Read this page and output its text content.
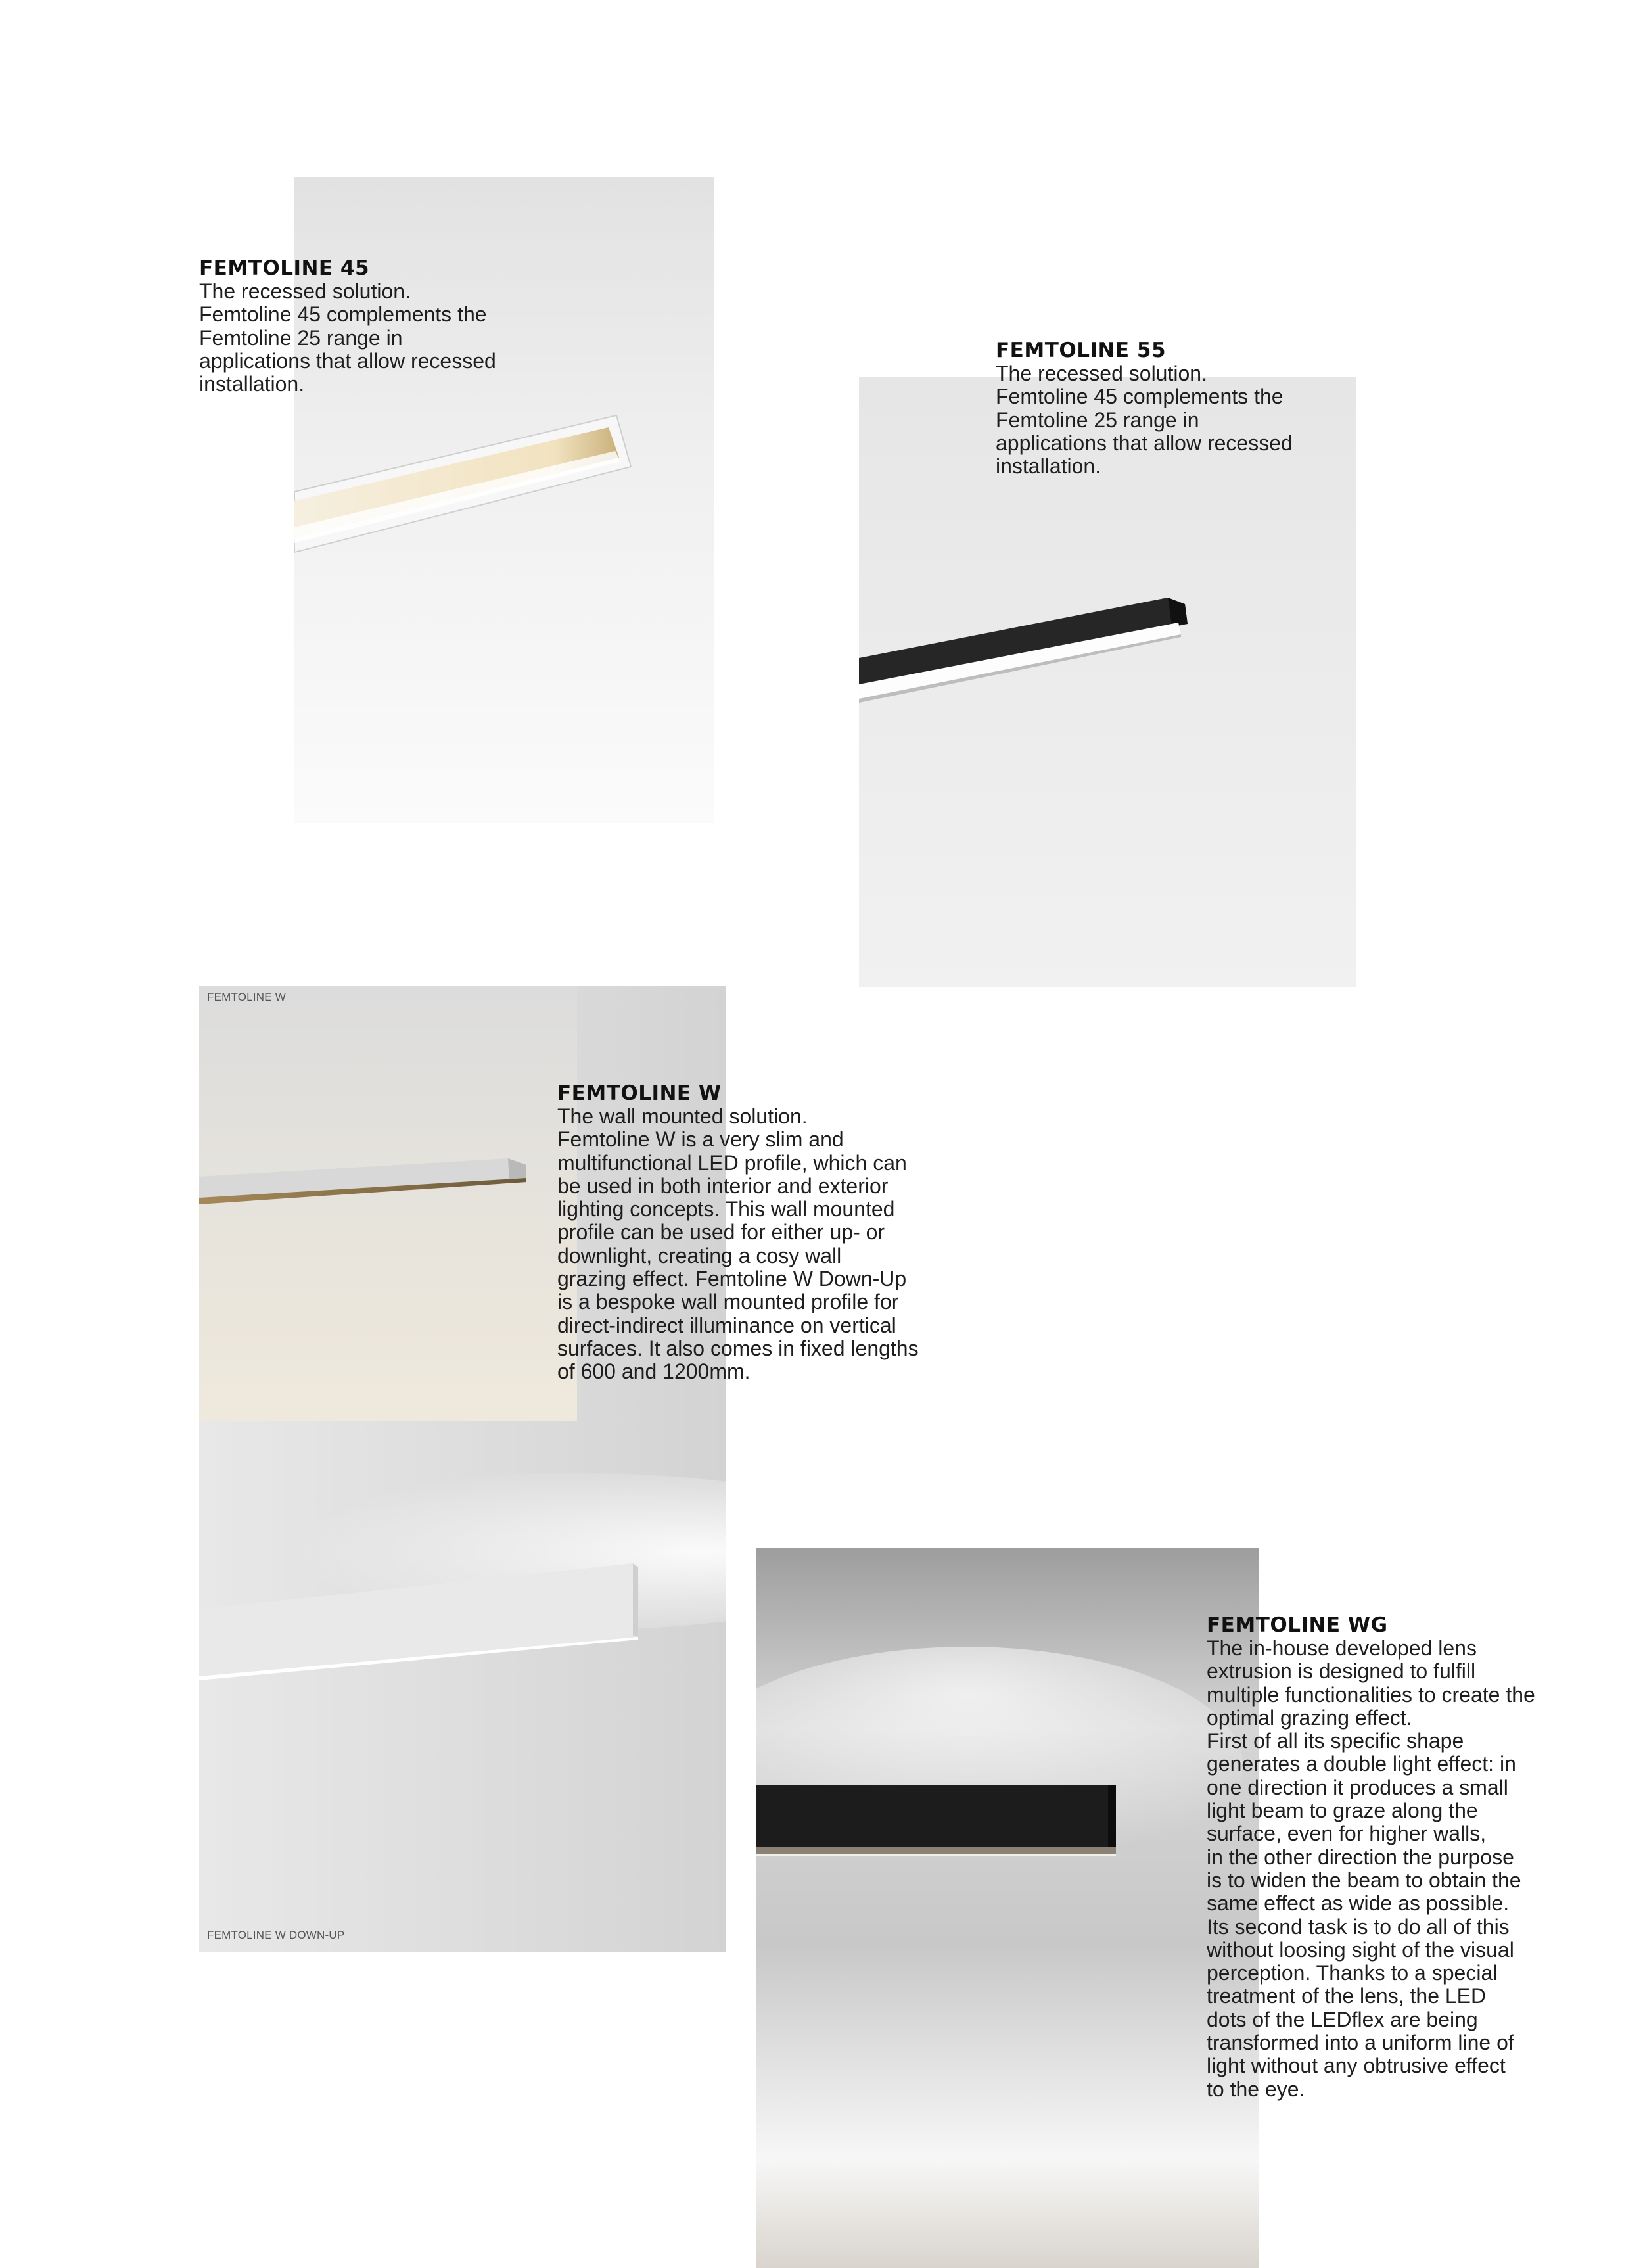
FEMTOLINE W
FEMTOLINE W DOWN-UP
FEMTOLINE 45

The recessed solution.
Femtoline 45 complements the
Femtoline 25 range in
applications that allow recessed
installation.

FEMTOLINE 55

The recessed solution.
Femtoline 45 complements the
Femtoline 25 range in
applications that allow recessed
installation.

FEMTOLINE W

The wall mounted solution.
Femtoline W is a very slim and
multifunctional LED profile, which can
be used in both interior and exterior
lighting concepts. This wall mounted
profile can be used for either up- or
downlight, creating a cosy wall
grazing effect. Femtoline W Down-Up
is a bespoke wall mounted profile for
direct-indirect illuminance on vertical
surfaces. It also comes in fixed lengths
of 600 and 1200mm.

FEMTOLINE WG

The in-house developed lens
extrusion is designed to fulfill
multiple functionalities to create the
optimal grazing effect.
First of all its specific shape
generates a double light effect: in
one direction it produces a small
light beam to graze along the
surface, even for higher walls,
in the other direction the purpose
is to widen the beam to obtain the
same effect as wide as possible.
Its second task is to do all of this
without loosing sight of the visual
perception. Thanks to a special
treatment of the lens, the LED
dots of the LEDflex are being
transformed into a uniform line of
light without any obtrusive effect
to the eye.
